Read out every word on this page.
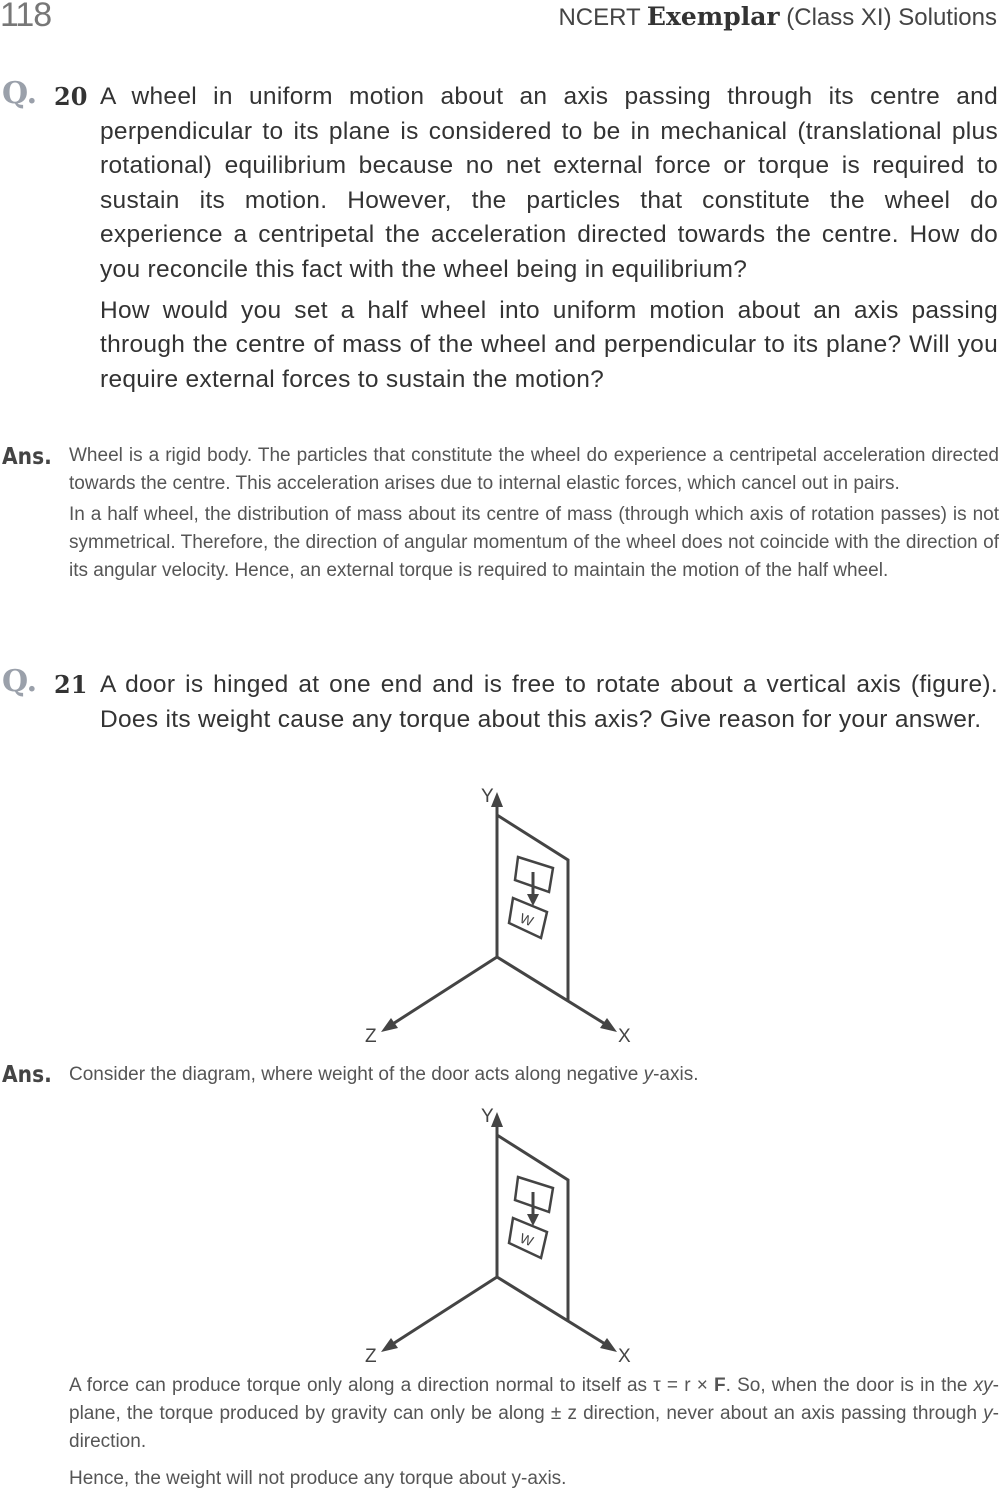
118	NCERT Exemplar (Class XI) Solutions
Q. 20 A wheel in uniform motion about an axis passing through its centre and perpendicular to its plane is considered to be in mechanical (translational plus rotational) equilibrium because no net external force or torque is required to sustain its motion. However, the particles that constitute the wheel do experience a centripetal the acceleration directed towards the centre. How do you reconcile this fact with the wheel being in equilibrium?

How would you set a half wheel into uniform motion about an axis passing through the centre of mass of the wheel and perpendicular to its plane? Will you require external forces to sustain the motion?

Ans. Wheel is a rigid body. The particles that constitute the wheel do experience a centripetal acceleration directed towards the centre. This acceleration arises due to internal elastic forces, which cancel out in pairs.

In a half wheel, the distribution of mass about its centre of mass (through which axis of rotation passes) is not symmetrical. Therefore, the direction of angular momentum of the wheel does not coincide with the direction of its angular velocity. Hence, an external torque is required to maintain the motion of the half wheel.

Q. 21 A door is hinged at one end and is free to rotate about a vertical axis (figure). Does its weight cause any torque about this axis? Give reason for your answer.

Y
X
Z
W
Ans. Consider the diagram, where weight of the door acts along negative y-axis.
Y
X
Z
W

A force can produce torque only along a direction normal to itself as τ = r × F. So, when the door is in the xy-plane, the torque produced by gravity can only be along ± z direction, never about an axis passing through y-direction.

Hence, the weight will not produce any torque about y-axis.
